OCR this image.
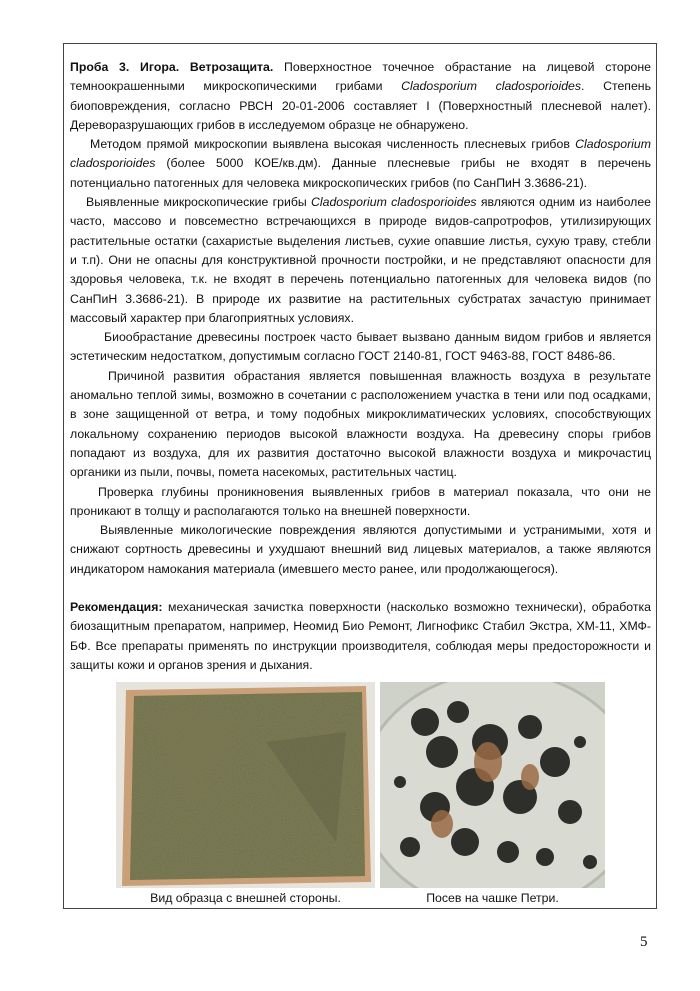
Проба 3. Игора. Ветрозащита. Поверхностное точечное обрастание на лицевой стороне темноокрашенными микроскопическими грибами Cladosporium cladosporioides. Степень биоповреждения, согласно РВСН 20-01-2006 составляет I (Поверхностный плесневой налет). Дереворазрушающих грибов в исследуемом образце не обнаружено.

Методом прямой микроскопии выявлена высокая численность плесневых грибов Cladosporium cladosporioides (более 5000 КОЕ/кв.дм). Данные плесневые грибы не входят в перечень потенциально патогенных для человека микроскопических грибов (по СанПиН 3.3686-21).

Выявленные микроскопические грибы Cladosporium cladosporioides являются одним из наиболее часто, массово и повсеместно встречающихся в природе видов-сапротрофов, утилизирующих растительные остатки (сахаристые выделения листьев, сухие опавшие листья, сухую траву, стебли и т.п). Они не опасны для конструктивной прочности постройки, и не представляют опасности для здоровья человека, т.к. не входят в перечень потенциально патогенных для человека видов (по СанПиН 3.3686-21). В природе их развитие на растительных субстратах зачастую принимает массовый характер при благоприятных условиях.

Биообрастание древесины построек часто бывает вызвано данным видом грибов и является эстетическим недостатком, допустимым согласно ГОСТ 2140-81, ГОСТ 9463-88, ГОСТ 8486-86.

Причиной развития обрастания является повышенная влажность воздуха в результате аномально теплой зимы, возможно в сочетании с расположением участка в тени или под осадками, в зоне защищенной от ветра, и тому подобных микроклиматических условиях, способствующих локальному сохранению периодов высокой влажности воздуха. На древесину споры грибов попадают из воздуха, для их развития достаточно высокой влажности воздуха и микрочастиц органики из пыли, почвы, помета насекомых, растительных частиц.

Проверка глубины проникновения выявленных грибов в материал показала, что они не проникают в толщу и располагаются только на внешней поверхности.

Выявленные микологические повреждения являются допустимыми и устранимыми, хотя и снижают сортность древесины и ухудшают внешний вид лицевых материалов, а также являются индикатором намокания материала (имевшего место ранее, или продолжающегося).

Рекомендация: механическая зачистка поверхности (насколько возможно технически), обработка биозащитным препаратом, например, Неомид Био Ремонт, Лигнофикс Стабил Экстра, ХМ-11, ХМФ-БФ. Все препараты применять по инструкции производителя, соблюдая меры предосторожности и защиты кожи и органов зрения и дыхания.

Вид образца с внешней стороны.	Посев на чашке Петри.
5
